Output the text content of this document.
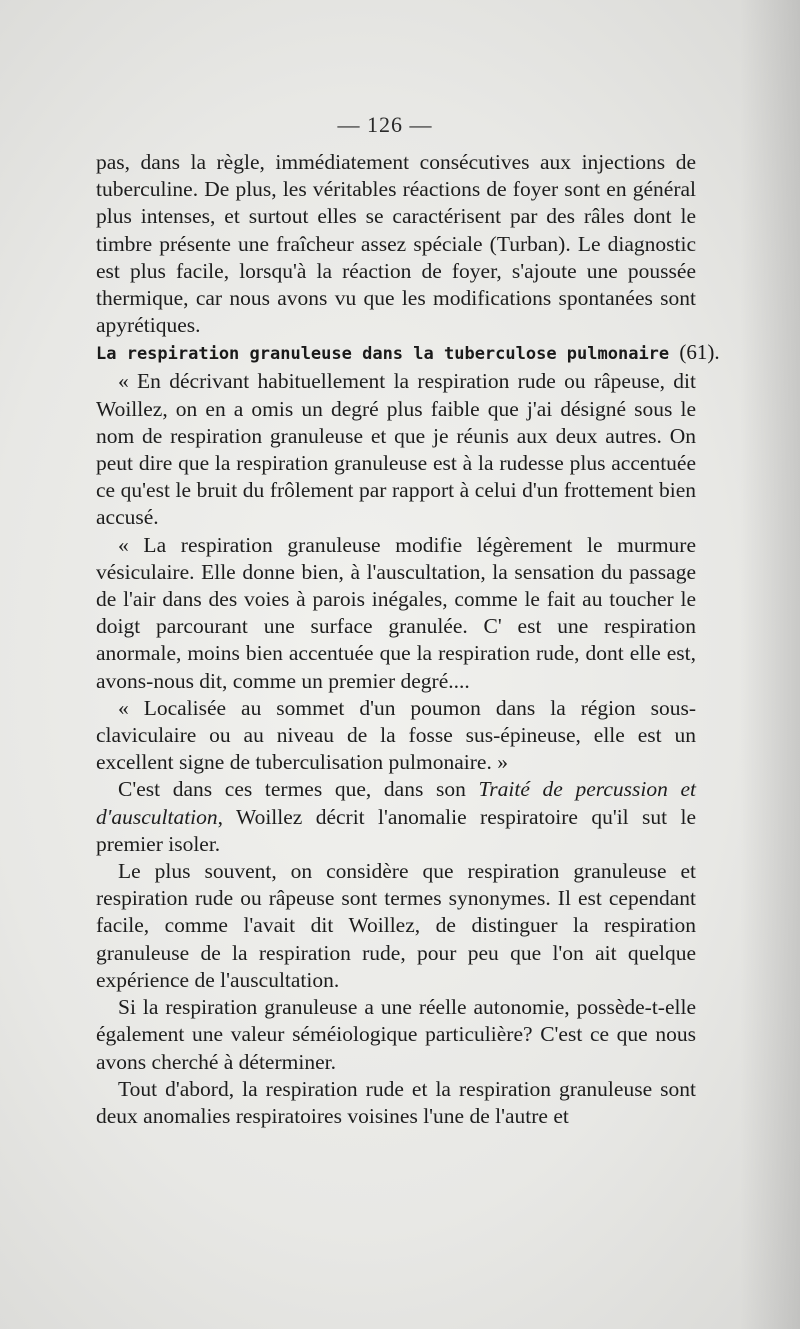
— 126 —

pas, dans la règle, immédiatement consécutives aux injections de tuberculine. De plus, les véritables réactions de foyer sont en général plus intenses, et surtout elles se caractérisent par des râles dont le timbre présente une fraîcheur assez spéciale (Turban). Le diagnostic est plus facile, lorsqu'à la réaction de foyer, s'ajoute une poussée thermique, car nous avons vu que les modifications spontanées sont apyrétiques.

La respiration granuleuse dans la tuberculose pulmonaire (61).

« En décrivant habituellement la respiration rude ou râpeuse, dit Woillez, on en a omis un degré plus faible que j'ai désigné sous le nom de respiration granuleuse et que je réunis aux deux autres. On peut dire que la respiration granuleuse est à la rudesse plus accentuée ce qu'est le bruit du frôlement par rapport à celui d'un frottement bien accusé.

« La respiration granuleuse modifie légèrement le murmure vésiculaire. Elle donne bien, à l'auscultation, la sensation du passage de l'air dans des voies à parois inégales, comme le fait au toucher le doigt parcourant une surface granulée. C' est une respiration anormale, moins bien accentuée que la respiration rude, dont elle est, avons-nous dit, comme un premier degré....

« Localisée au sommet d'un poumon dans la région sous-claviculaire ou au niveau de la fosse sus-épineuse, elle est un excellent signe de tuberculisation pulmonaire. »

C'est dans ces termes que, dans son Traité de percussion et d'auscultation, Woillez décrit l'anomalie respiratoire qu'il sut le premier isoler.

Le plus souvent, on considère que respiration granuleuse et respiration rude ou râpeuse sont termes synonymes. Il est cependant facile, comme l'avait dit Woillez, de distinguer la respiration granuleuse de la respiration rude, pour peu que l'on ait quelque expérience de l'auscultation.

Si la respiration granuleuse a une réelle autonomie, possède-t-elle également une valeur séméiologique particulière? C'est ce que nous avons cherché à déterminer.

Tout d'abord, la respiration rude et la respiration granuleuse sont deux anomalies respiratoires voisines l'une de l'autre et
